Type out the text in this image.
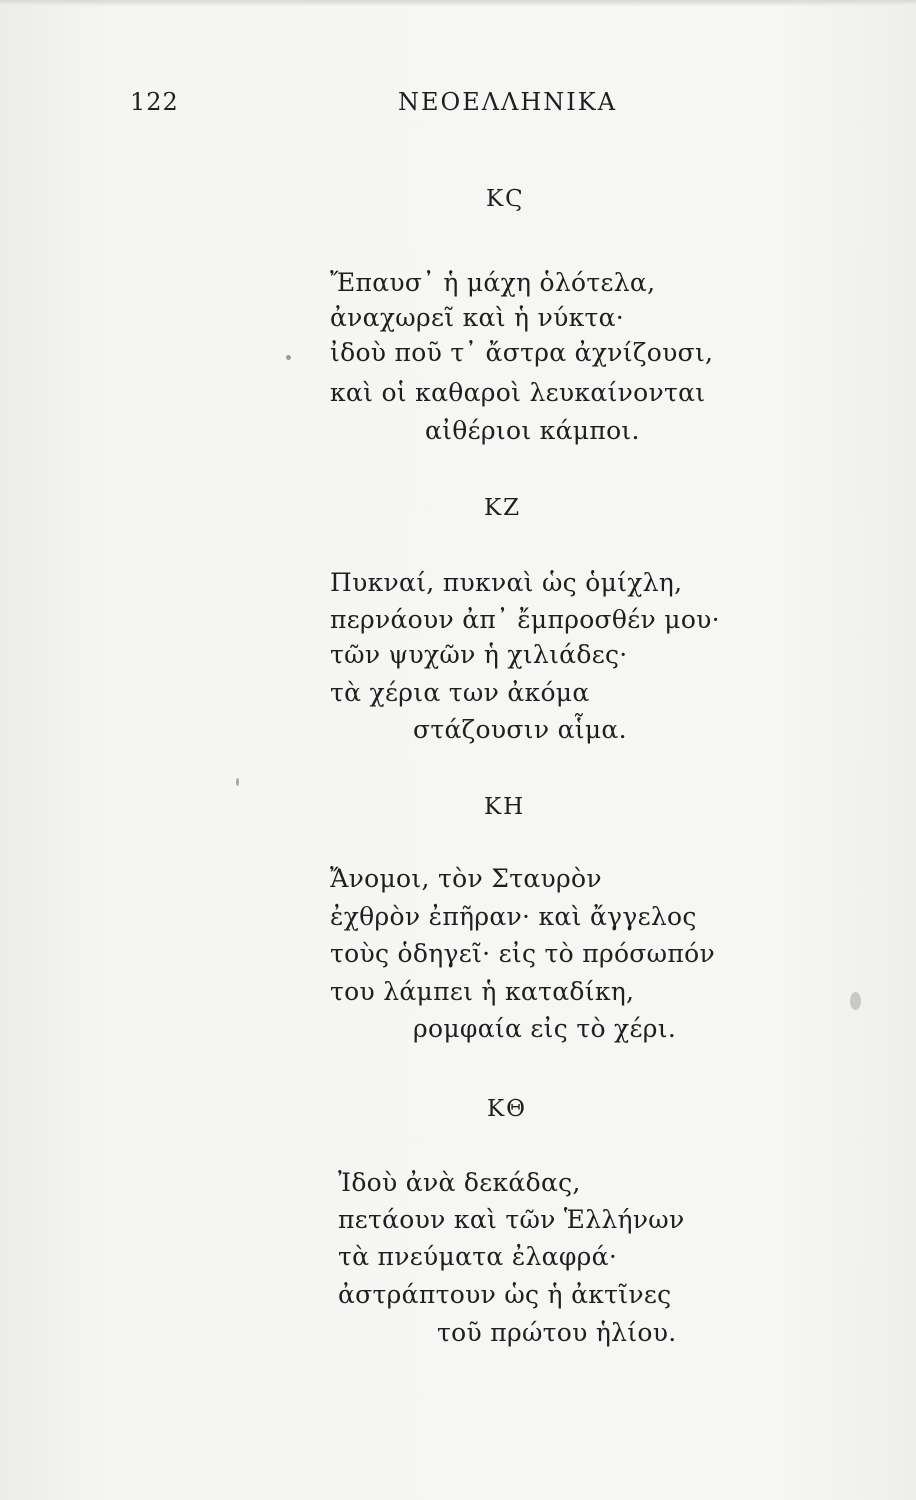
122	ΝΕΟΕΛΛΗΝΙΚΑ
ΚϚ
Ἔπαυσ᾽ ἡ μάχη ὁλότελα,
ἀναχωρεῖ καὶ ἡ νύκτα·
ἰδοὺ ποῦ τ᾽ ἄστρα ἀχνίζουσι,
καὶ οἱ καθαροὶ λευκαίνονται
αἰθέριοι κάμποι.
ΚΖ
Πυκναί, πυκναὶ ὡς ὁμίχλη,
περνάουν ἀπ᾽ ἔμπροσθέν μου·
τῶν ψυχῶν ἡ χιλιάδες·
τὰ χέρια των ἀκόμα
στάζουσιν αἷμα.
ΚΗ
Ἄνομοι, τὸν Σταυρὸν
ἐχθρὸν ἐπῆραν· καὶ ἄγγελος
τοὺς ὁδηγεῖ· εἰς τὸ πρόσωπόν
του λάμπει ἡ καταδίκη,
ρομφαία εἰς τὸ χέρι.
ΚΘ
Ἰδοὺ ἀνὰ δεκάδας,
πετάουν καὶ τῶν Ἑλλήνων
τὰ πνεύματα ἐλαφρά·
ἀστράπτουν ὡς ἡ ἀκτῖνες
τοῦ πρώτου ἡλίου.
